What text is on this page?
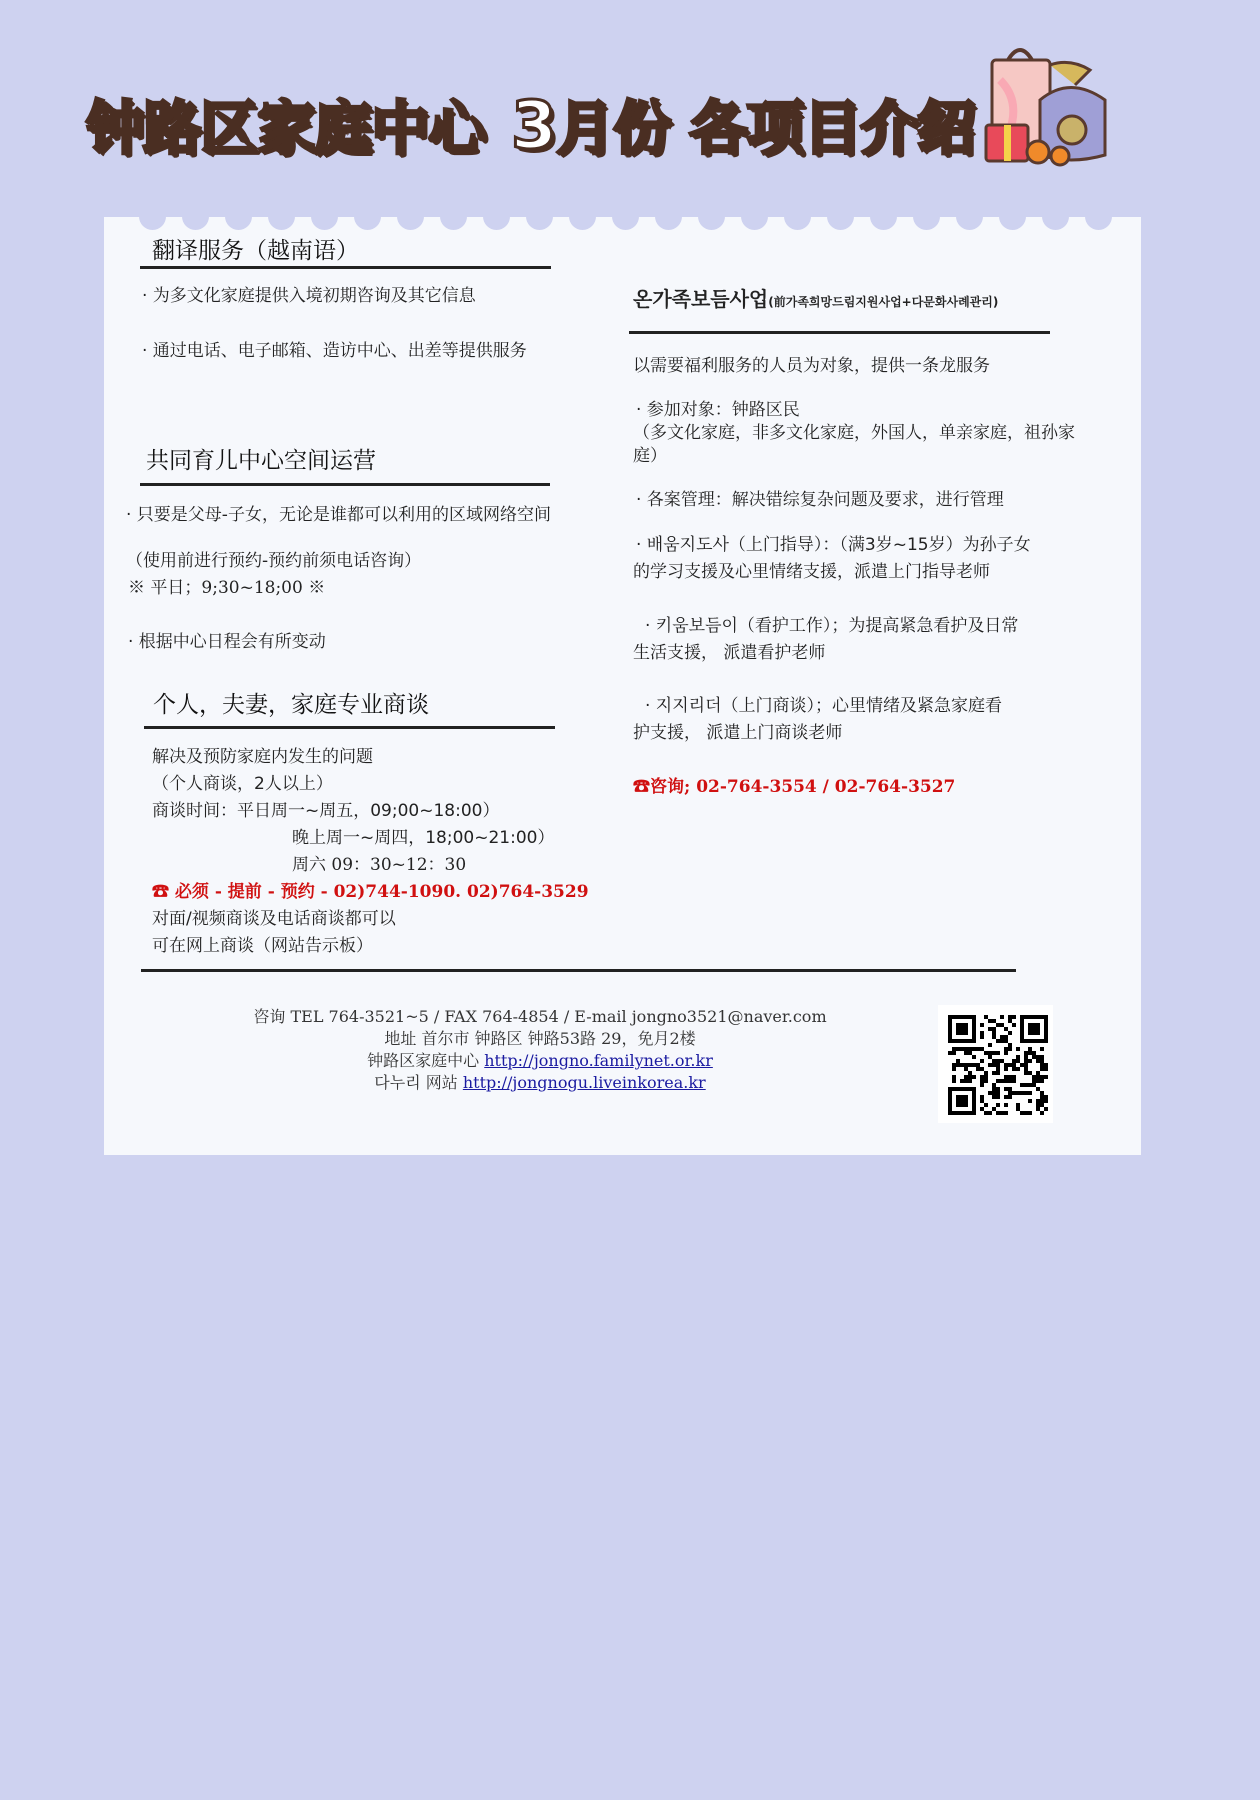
钟路区家庭中心 3月份 各项目介绍
翻译服务（越南语）
· 为多文化家庭提供入境初期咨询及其它信息
· 通过电话、电子邮箱、造访中心、出差等提供服务
共同育儿中心空间运营
· 只要是父母-子女，无论是谁都可以利用的区域网络空间
（使用前进行预约-预约前须电话咨询）
※ 平日；9;30~18;00 ※
· 根据中心日程会有所变动
个人，夫妻，家庭专业商谈
解决及预防家庭内发生的问题
（个人商谈，2人以上）
商谈时间：平日周一~周五，09;00~18:00）
晚上周一~周四，18;00~21:00）
周六 09：30~12：30
☎ 必须 - 提前 - 预约 - 02)744-1090. 02)764-3529
对面/视频商谈及电话商谈都可以
可在网上商谈（网站告示板）
온가족보듬사업(前가족희망드림지원사업+다문화사례관리)
以需要福利服务的人员为对象，提供一条龙服务
· 参加对象：钟路区民
（多文化家庭，非多文化家庭，外国人，单亲家庭，祖孙家庭）
· 各案管理：解决错综复杂问题及要求，进行管理
· 배움지도사（上门指导）：（满3岁~15岁）为孙子女
的学习支援及心里情绪支援，派遣上门指导老师
· 키움보듬이（看护工作）；为提高紧急看护及日常
生活支援， 派遣看护老师
· 지지리더（上门商谈）；心里情绪及紧急家庭看
护支援， 派遣上门商谈老师
☎咨询; 02-764-3554 / 02-764-3527
咨询 TEL 764-3521~5 / FAX 764-4854 / E-mail jongno3521@naver.com
地址 首尔市 钟路区 钟路53路 29，免月2楼
钟路区家庭中心 http://jongno.familynet.or.kr
다누리 网站 http://jongnogu.liveinkorea.kr
